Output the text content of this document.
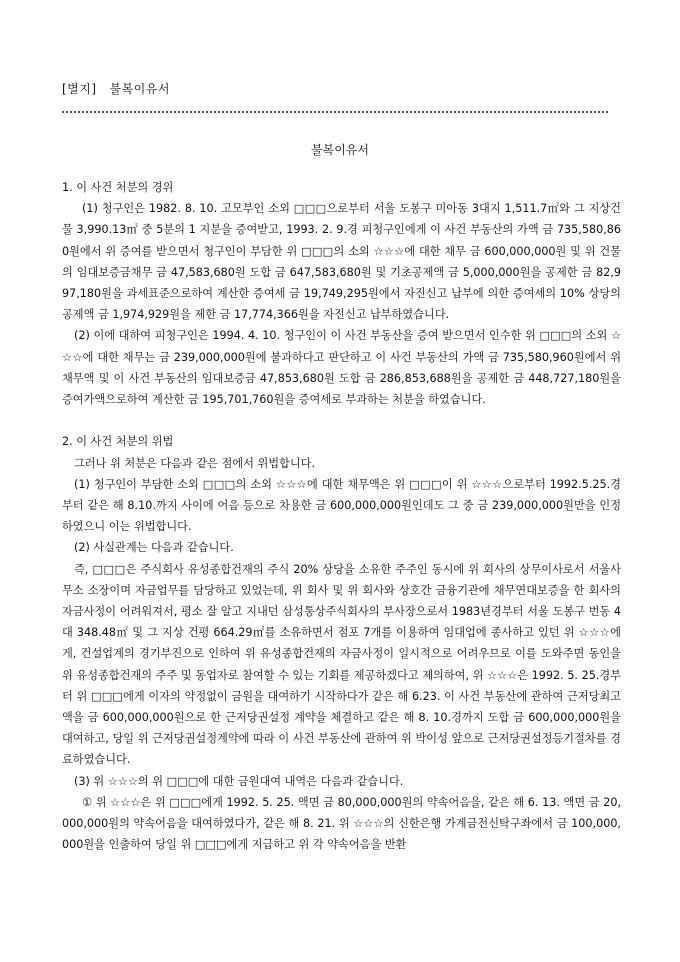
[별지] 불복이유서
불복이유서

1. 이 사건 처분의 경위

(1) 청구인은 1982. 8. 10. 고모부인 소외 □□□으로부터 서울 도봉구 미아동 3대지 1,511.7㎡와 그 지상건물 3,990.13㎡ 중 5분의 1 지분을 증여받고, 1993. 2. 9.경 피청구인에게 이 사건 부동산의 가액 금 735,580,860원에서 위 증여를 받으면서 청구인이 부담한 위 □□□의 소외 ☆☆☆에 대한 채무 금 600,000,000원 및 위 건물의 임대보증금채무 금 47,583,680원 도합 금 647,583,680원 및 기초공제액 금 5,000,000원을 공제한 금 82,997,180원을 과세표준으로하여 계산한 증여세 금 19,749,295원에서 자진신고 납부에 의한 증여세의 10% 상당의 공제액 금 1,974,929원을 제한 금 17,774,366원을 자진신고 납부하였습니다.

(2) 이에 대하여 피청구인은 1994. 4. 10. 청구인이 이 사건 부동산을 증여 받으면서 인수한 위 □□□의 소외 ☆☆☆에 대한 채무는 금 239,000,000원에 불과하다고 판단하고 이 사건 부동산의 가액 금 735,580,960원에서 위 채무액 및 이 사건 부동산의 임대보증금 47,853,680원 도합 금 286,853,688원을 공제한 금 448,727,180원을 증여가액으로하여 계산한 금 195,701,760원을 증여세로 부과하는 처분을 하였습니다.

2. 이 사건 처분의 위법

그러나 위 처분은 다음과 같은 점에서 위법합니다.

(1) 청구인이 부담한 소외 □□□의 소외 ☆☆☆에 대한 채무액은 위 □□□이 위 ☆☆☆으로부터 1992.5.25.경부터 같은 해 8.10.까지 사이에 어음 등으로 차용한 금 600,000,000원인데도 그 중 금 239,000,000원만을 인정하였으니 이는 위법합니다.

(2) 사실관계는 다음과 같습니다.

즉, □□□은 주식회사 유성종합건재의 주식 20% 상당을 소유한 주주인 동시에 위 회사의 상무이사로서 서울사무소 소장이며 자금업무를 담당하고 있었는데, 위 회사 및 위 회사와 상호간 금융기관에 채무연대보증을 한 회사의 자금사정이 어려워져서, 평소 잘 알고 지내던 삼성통상주식회사의 부사장으로서 1983년경부터 서울 도봉구 번동 4 대 348.48㎡ 및 그 지상 건평 664.29㎡를 소유하면서 점포 7개를 이용하여 임대업에 종사하고 있던 위 ☆☆☆에게, 건설업계의 경기부진으로 인하여 위 유성종합건재의 자금사정이 일시적으로 어려우므로 이를 도와주면 동인을 위 유성종합건재의 주주 및 동업자로 참여할 수 있는 기회를 제공하겠다고 제의하여, 위 ☆☆☆은 1992. 5. 25.경부터 위 □□□에게 이자의 약정없이 금원을 대여하기 시작하다가 같은 해 6.23. 이 사건 부동산에 관하여 근저당최고액을 금 600,000,000원으로 한 근저당권설정 계약을 체결하고 같은 해 8. 10.경까지 도합 금 600,000,000원을 대여하고, 당일 위 근저당권설정계약에 따라 이 사건 부동산에 관하여 위 박이성 앞으로 근저당권설정등기절차를 경료하였습니다.

(3) 위 ☆☆☆의 위 □□□에 대한 금원대여 내역은 다음과 같습니다.

① 위 ☆☆☆은 위 □□□에게 1992. 5. 25. 액면 금 80,000,000원의 약속어음을, 같은 해 6. 13. 액면 금 20,000,000원의 약속어음을 대여하였다가, 같은 해 8. 21. 위 ☆☆☆의 신한은행 가계금전신탁구좌에서 금 100,000,000원을 인출하여 당일 위 □□□에게 지급하고 위 각 약속어음을 반환
